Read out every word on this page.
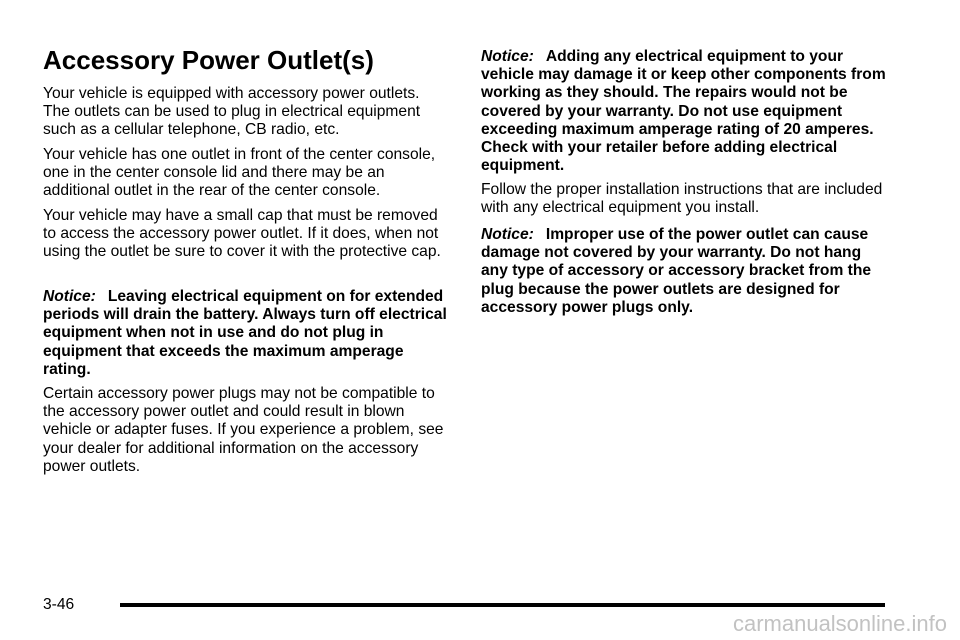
Accessory Power Outlet(s)

Your vehicle is equipped with accessory power outlets. The outlets can be used to plug in electrical equipment such as a cellular telephone, CB radio, etc.

Your vehicle has one outlet in front of the center console, one in the center console lid and there may be an additional outlet in the rear of the center console.

Your vehicle may have a small cap that must be removed to access the accessory power outlet. If it does, when not using the outlet be sure to cover it with the protective cap.

Notice: Leaving electrical equipment on for extended periods will drain the battery. Always turn off electrical equipment when not in use and do not plug in equipment that exceeds the maximum amperage rating.

Certain accessory power plugs may not be compatible to the accessory power outlet and could result in blown vehicle or adapter fuses. If you experience a problem, see your dealer for additional information on the accessory power outlets.

Notice: Adding any electrical equipment to your vehicle may damage it or keep other components from working as they should. The repairs would not be covered by your warranty. Do not use equipment exceeding maximum amperage rating of 20 amperes. Check with your retailer before adding electrical equipment.

Follow the proper installation instructions that are included with any electrical equipment you install.

Notice: Improper use of the power outlet can cause damage not covered by your warranty. Do not hang any type of accessory or accessory bracket from the plug because the power outlets are designed for accessory power plugs only.

3-46
carmanualsonline.info
